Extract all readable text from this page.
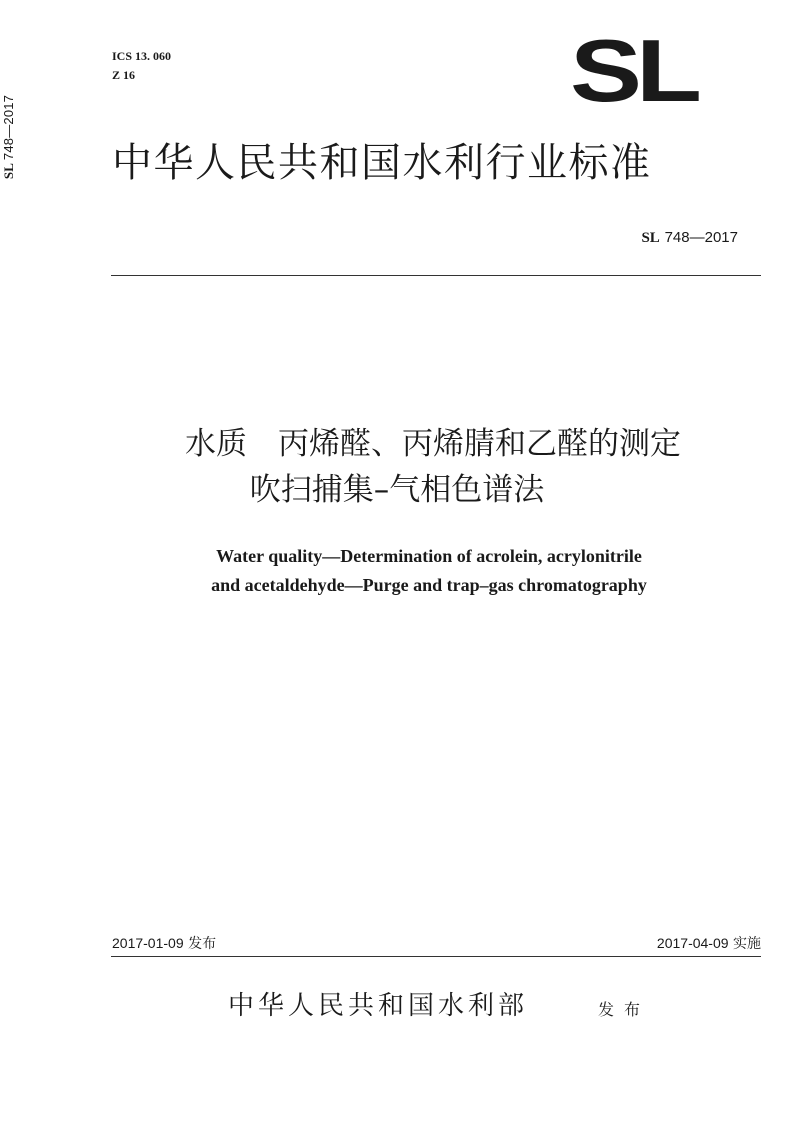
SL 748—2017
ICS 13. 060
Z 16	SL
中华人民共和国水利行业标准
SL 748—2017
水质 丙烯醛、丙烯腈和乙醛的测定
吹扫捕集–气相色谱法
Water quality—Determination of acrolein, acrylonitrile
and acetaldehyde—Purge and trap–gas chromatography
2017-01-09 发布	2017-04-09 实施
中华人民共和国水利部	发布
